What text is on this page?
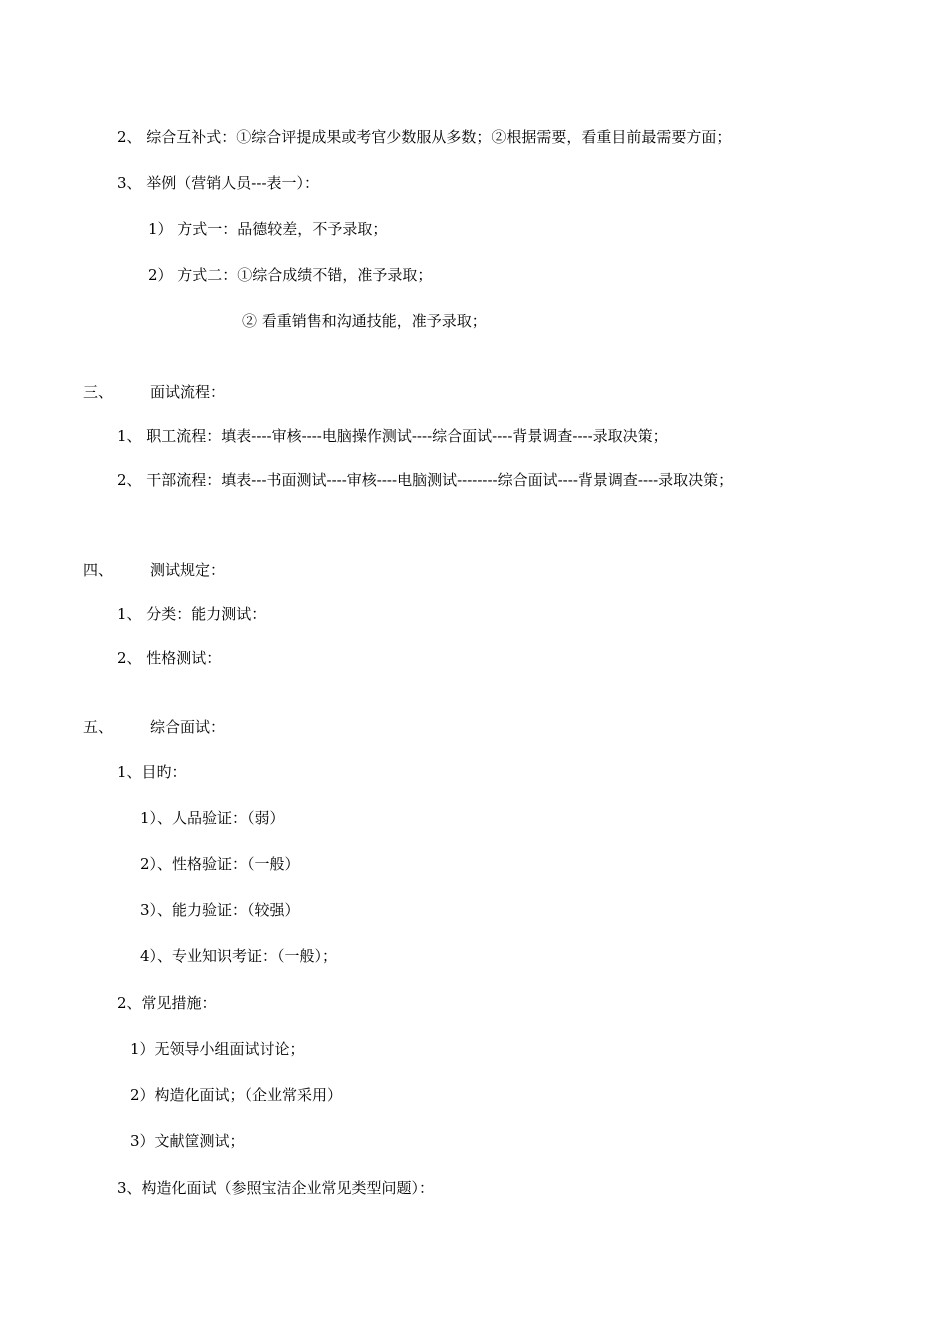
2、 综合互补式：①综合评提成果或考官少数服从多数；②根据需要，看重目前最需要方面；
3、 举例（营销人员---表一）：
1） 方式一：品德较差，不予录取；
2） 方式二：①综合成绩不错，准予录取；
② 看重销售和沟通技能，准予录取；
三、 面试流程：
1、 职工流程：填表----审核----电脑操作测试----综合面试----背景调查----录取决策；
2、 干部流程：填表---书面测试----审核----电脑测试--------综合面试----背景调查----录取决策；
四、 测试规定：
1、 分类：能力测试：
2、 性格测试：
五、 综合面试：
1、目旳：
1）、人品验证：（弱）
2）、性格验证：（一般）
3）、能力验证：（较强）
4）、专业知识考证：（一般）；
2、常见措施：
1）无领导小组面试讨论；
2）构造化面试；（企业常采用）
3）文献筐测试；
3、构造化面试（参照宝洁企业常见类型问题）：
